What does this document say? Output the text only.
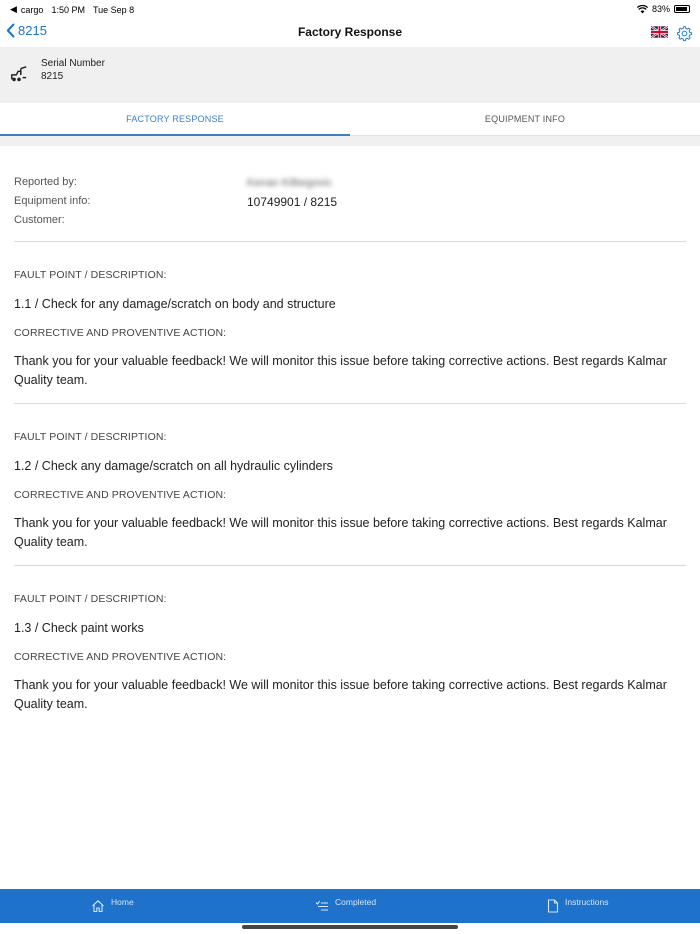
◀ cargo 1:50 PM Tue Sep 8	83%
8215	Factory Response
Serial Number
8215
FACTORY RESPONSE	EQUIPMENT INFO
Reported by:	Kenan Kilbegovic
Equipment info:	10749901 / 8215
Customer:
FAULT POINT / DESCRIPTION:
1.1 / Check for any damage/scratch on body and structure
CORRECTIVE AND PROVENTIVE ACTION:
Thank you for your valuable feedback! We will monitor this issue before taking corrective actions. Best regards Kalmar Quality team.
FAULT POINT / DESCRIPTION:
1.2 / Check any damage/scratch on all hydraulic cylinders
CORRECTIVE AND PROVENTIVE ACTION:
Thank you for your valuable feedback! We will monitor this issue before taking corrective actions. Best regards Kalmar Quality team.
FAULT POINT / DESCRIPTION:
1.3 / Check paint works
CORRECTIVE AND PROVENTIVE ACTION:
Thank you for your valuable feedback! We will monitor this issue before taking corrective actions. Best regards Kalmar Quality team.
Home	Completed	Instructions
